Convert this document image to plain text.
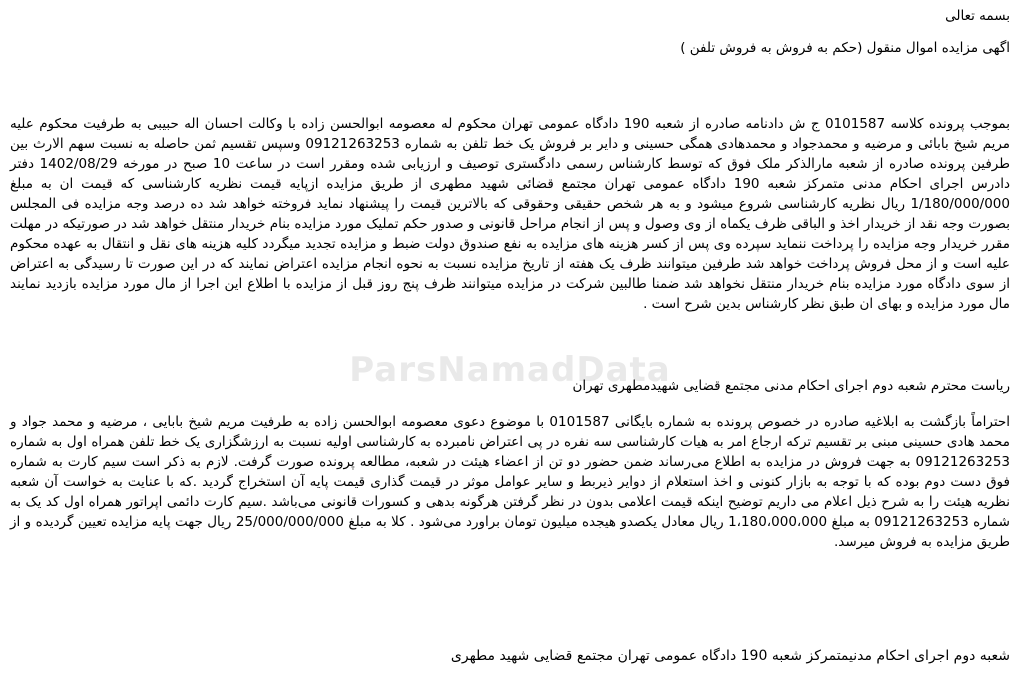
ParsNamadData

بسمه تعالی

اگهی مزایده اموال منقول (حکم به فروش به فروش تلفن )

بموجب پرونده کلاسه 0101587 ج ش دادنامه صادره از شعبه 190 دادگاه عمومی تهران محکوم له معصومه ابوالحسن زاده با وکالت احسان اله حبیبی به طرفیت محکوم علیه مریم شیخ بابائی و مرضیه و محمدجواد و محمدهادی همگی حسینی و دایر بر فروش یک خط تلفن به شماره 09121263253 وسپس تقسیم ثمن حاصله به نسبت سهم الارث بین طرفین پرونده صادره از شعبه مارالذکر ملک فوق که توسط کارشناس رسمی دادگستری توصیف و ارزیابی شده ومقرر است در ساعت 10 صبح در مورخه 1402/08/29 دفتر دادرس اجرای احکام مدنی متمرکز شعبه 190 دادگاه عمومی تهران مجتمع قضائی شهید مطهری از طریق مزایده ازپایه قیمت نظریه کارشناسی که قیمت ان به مبلغ 1/180/000/000 ریال نظریه کارشناسی شروع میشود و به هر شخص حقیقی وحقوقی که بالاترین قیمت را پیشنهاد نماید فروخته خواهد شد ده درصد وجه مزایده فی المجلس بصورت وجه نقد از خریدار اخذ و الباقی ظرف یکماه از وی وصول و پس از انجام مراحل قانونی و صدور حکم تملیک مورد مزایده بنام خریدار منتقل خواهد شد در صورتیکه در مهلت مقرر خریدار وجه مزایده را پرداخت ننماید سپرده وی پس از کسر هزینه های مزایده به نفع صندوق دولت ضبط و مزایده تجدید میگردد کلیه هزینه های نقل و انتقال به عهده محکوم علیه است و از محل فروش پرداخت خواهد شد طرفین میتوانند ظرف یک هفته از تاریخ مزایده نسبت به نحوه انجام مزایده اعتراض نمایند که در این صورت تا رسیدگی به اعتراض از سوی دادگاه مورد مزایده بنام خریدار منتقل نخواهد شد ضمنا طالبین شرکت در مزایده میتوانند ظرف پنج روز قبل از مزایده با اطلاع این اجرا از مال مورد مزایده بازدید نمایند مال مورد مزایده و بهای ان طبق نظر کارشناس بدین شرح است .

ریاست محترم شعبه دوم اجرای احکام مدنی مجتمع قضایی شهیدمطهری تهران

احتراماً بازگشت به ابلاغیه صادره در خصوص پرونده به شماره بایگانی 0101587 با موضوع دعوی معصومه ابوالحسن زاده به طرفیت مریم شیخ بابایی ، مرضیه و محمد جواد و محمد هادی حسینی مبنی بر تقسیم ترکه ارجاع امر به هیات کارشناسی سه نفره در پی اعتراض نامبرده به کارشناسی اولیه نسبت به ارزشگزاری یک خط تلفن همراه اول به شماره 09121263253 به جهت فروش در مزایده به اطلاع می‌رساند ضمن حضور دو تن از اعضاء هیئت در شعبه، مطالعه پرونده صورت گرفت. لازم به ذکر است سیم کارت به شماره فوق دست دوم بوده که با توجه به بازار کنونی و اخذ استعلام از دوایر ذیربط و سایر عوامل موثر در قیمت گذاری قیمت پایه آن استخراج گردید .که با عنایت به خواست آن شعبه نظریه هیئت را به شرح ذیل اعلام می داریم توضیح اینکه قیمت اعلامی بدون در نظر گرفتن هرگونه بدهی و کسورات قانونی می‌باشد .سیم کارت دائمی اپراتور همراه اول کد یک به شماره 09121263253 به مبلغ 1،180،000،000 ریال معادل یکصدو هیجده میلیون تومان براورد می‌شود . کلا به مبلغ 25/000/000/000 ریال جهت پایه مزایده تعیین گردیده و از طریق مزایده به فروش میرسد.

شعبه دوم اجرای احکام مدنیمتمرکز شعبه 190 دادگاه عمومی تهران مجتمع قضایی شهید مطهری
